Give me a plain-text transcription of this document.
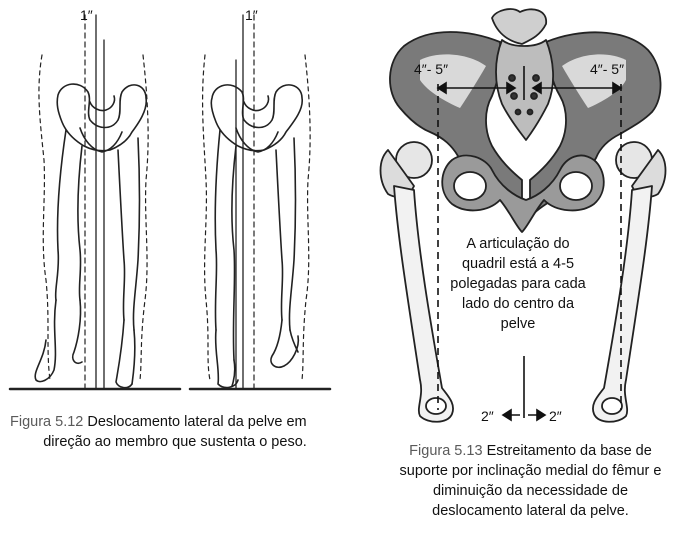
1″	1″
4″- 5″	4″- 5″
2″	2″
A articulação do quadril está a 4-5 polegadas para cada lado do centro da pelve
Figura 5.12 Deslocamento lateral da pelve em
direção ao membro que sustenta o peso.
Figura 5.13 Estreitamento da base de suporte por inclinação medial do fêmur e diminuição da necessidade de deslocamento lateral da pelve.
